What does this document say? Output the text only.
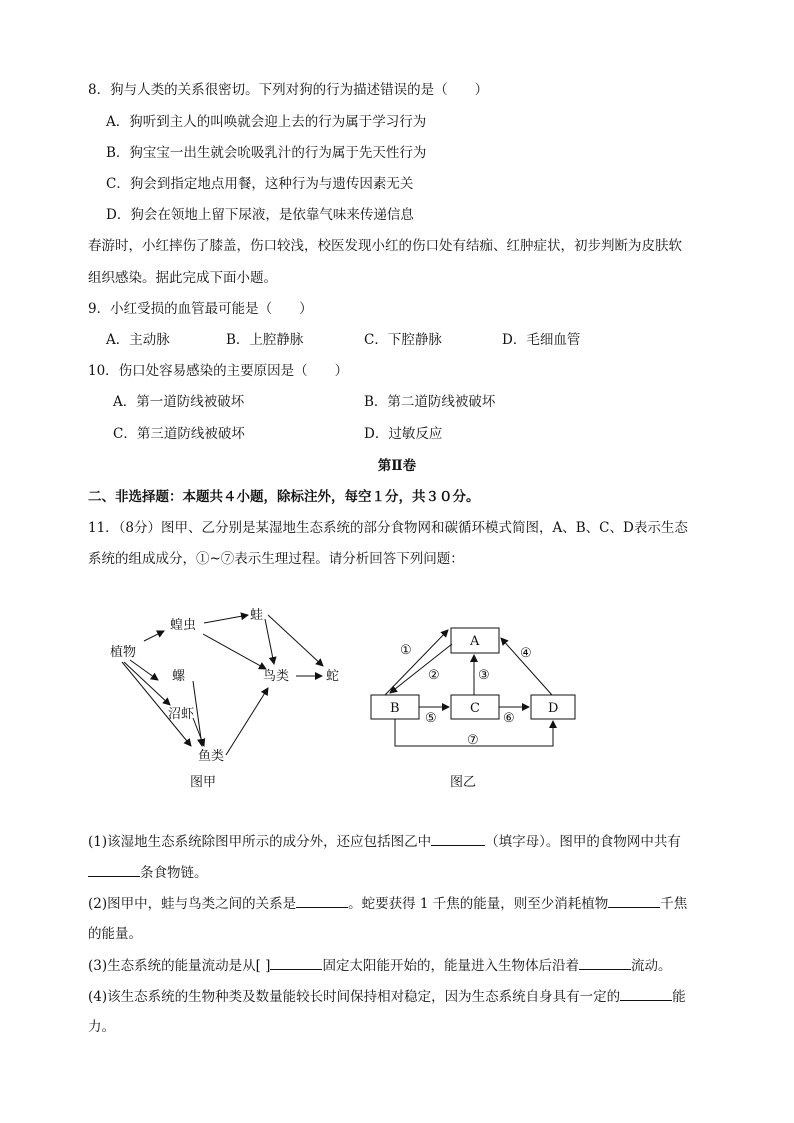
8．狗与人类的关系很密切。下列对狗的行为描述错误的是（　　）
A．狗听到主人的叫唤就会迎上去的行为属于学习行为
B．狗宝宝一出生就会吮吸乳汁的行为属于先天性行为
C．狗会到指定地点用餐，这种行为与遗传因素无关
D．狗会在领地上留下尿液，是依靠气味来传递信息
春游时，小红摔伤了膝盖，伤口较浅，校医发现小红的伤口处有结痂、红肿症状，初步判断为皮肤软
组织感染。据此完成下面小题。
9．小红受损的血管最可能是（　　）
A．主动脉	B．上腔静脉	C．下腔静脉	D．毛细血管
10．伤口处容易感染的主要原因是（　　）
A．第一道防线被破坏	B．第二道防线被破坏
C．第三道防线被破坏	D．过敏反应
第Ⅱ卷
二、非选择题：本题共４小题，除标注外，每空１分，共３０分。
11．（8分）图甲、乙分别是某湿地生态系统的部分食物网和碳循环模式简图，A、B、C、D表示生态
系统的组成成分，①~⑦表示生理过程。请分析回答下列问题：
植物
蝗虫
蛙
螺
沼虾
鸟类	蛇
鱼类
图甲
A
B	C	D
①
②	③
④
⑤	⑥
⑦
图乙
(1)该湿地生态系统除图甲所示的成分外，还应包括图乙中	（填字母）。图甲的食物网中共有
条食物链。
(2)图甲中，蛙与鸟类之间的关系是	。蛇要获得 1 千焦的能量，则至少消耗植物	千焦
的能量。
(3)生态系统的能量流动是从[ ]	固定太阳能开始的，能量进入生物体后沿着	流动。
(4)该生态系统的生物种类及数量能较长时间保持相对稳定，因为生态系统自身具有一定的	能
力。
